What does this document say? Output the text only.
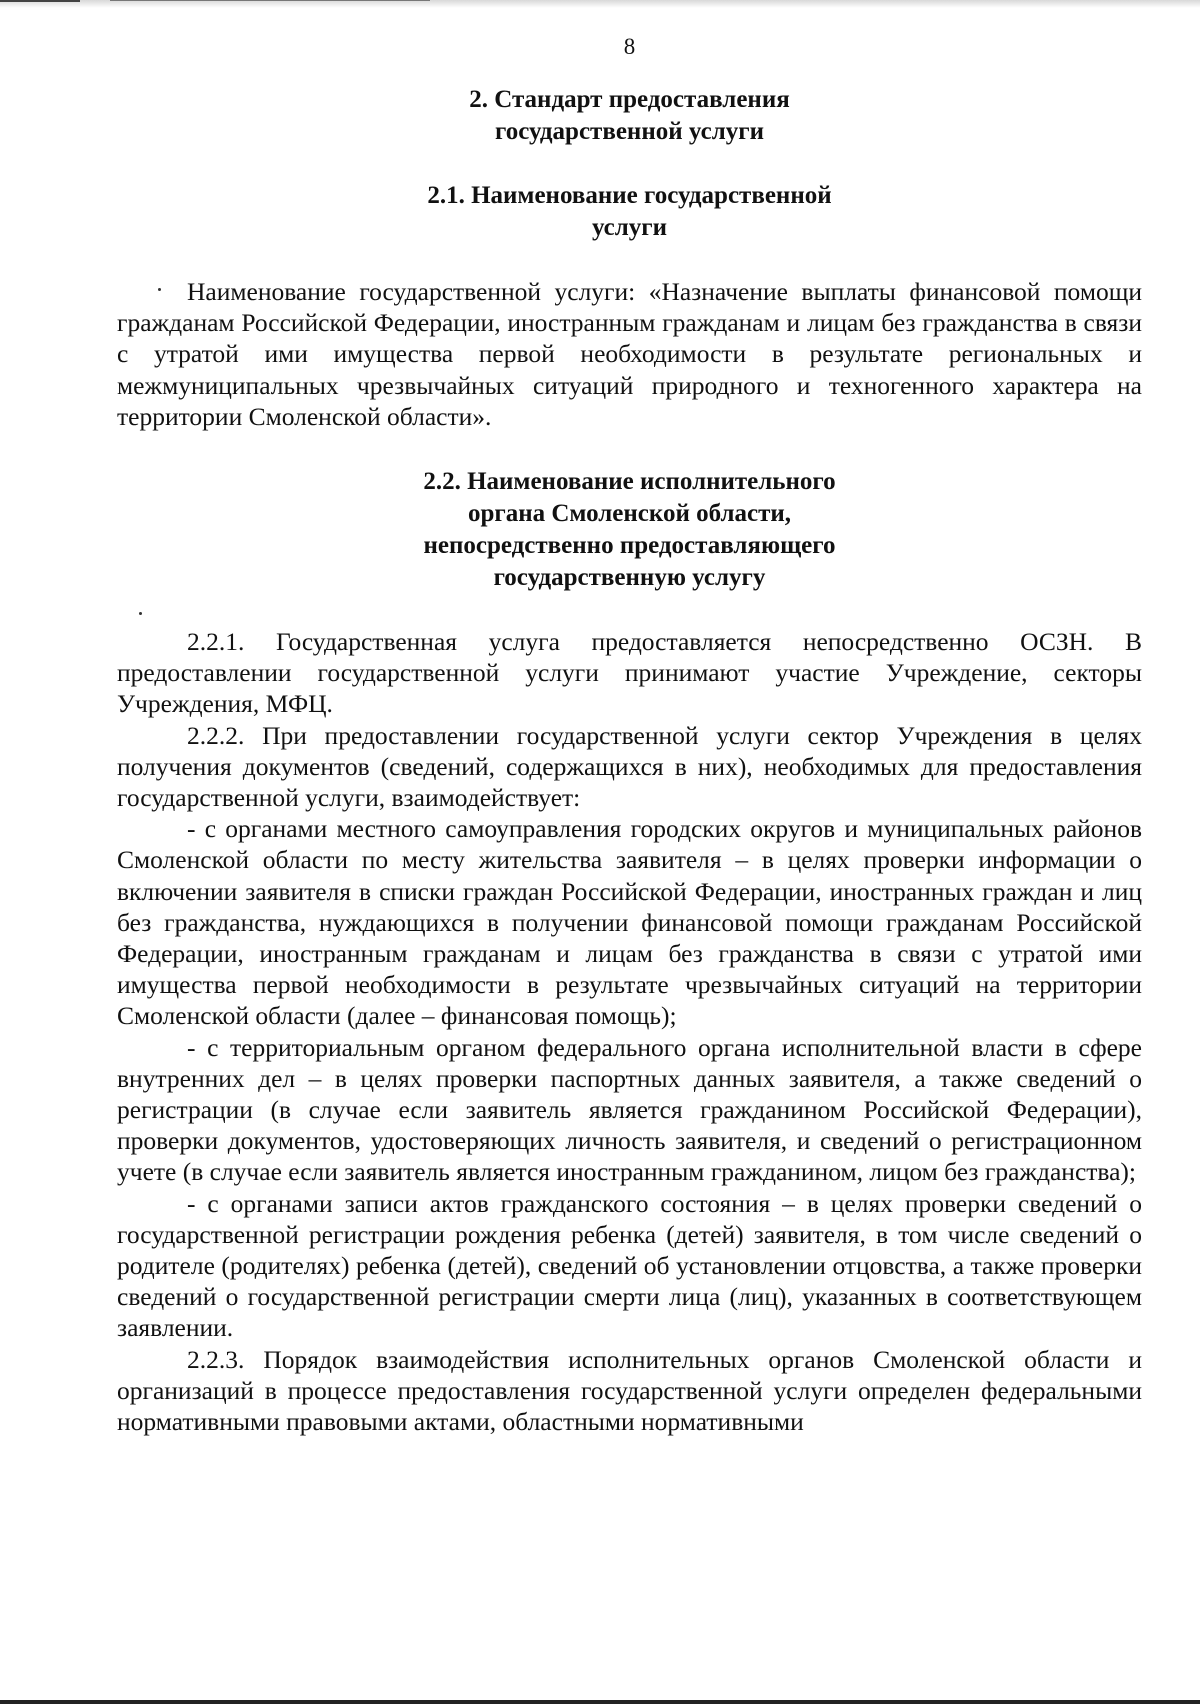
8

2. Стандарт предоставления
государственной услуги
2.1. Наименование государственной
услуги

Наименование государственной услуги: «Назначение выплаты финансовой помощи гражданам Российской Федерации, иностранным гражданам и лицам без гражданства в связи с утратой ими имущества первой необходимости в результате региональных и межмуниципальных чрезвычайных ситуаций природного и техногенного характера на территории Смоленской области».

2.2. Наименование исполнительного
органа Смоленской области,
непосредственно предоставляющего
государственную услугу

2.2.1. Государственная услуга предоставляется непосредственно ОСЗН. В предоставлении государственной услуги принимают участие Учреждение, секторы Учреждения, МФЦ.

2.2.2. При предоставлении государственной услуги сектор Учреждения в целях получения документов (сведений, содержащихся в них), необходимых для предоставления государственной услуги, взаимодействует:

- с органами местного самоуправления городских округов и муниципальных районов Смоленской области по месту жительства заявителя – в целях проверки информации о включении заявителя в списки граждан Российской Федерации, иностранных граждан и лиц без гражданства, нуждающихся в получении финансовой помощи гражданам Российской Федерации, иностранным гражданам и лицам без гражданства в связи с утратой ими имущества первой необходимости в результате чрезвычайных ситуаций на территории Смоленской области (далее – финансовая помощь);

- с территориальным органом федерального органа исполнительной власти в сфере внутренних дел – в целях проверки паспортных данных заявителя, а также сведений о регистрации (в случае если заявитель является гражданином Российской Федерации), проверки документов, удостоверяющих личность заявителя, и сведений о регистрационном учете (в случае если заявитель является иностранным гражданином, лицом без гражданства);

- с органами записи актов гражданского состояния – в целях проверки сведений о государственной регистрации рождения ребенка (детей) заявителя, в том числе сведений о родителе (родителях) ребенка (детей), сведений об установлении отцовства, а также проверки сведений о государственной регистрации смерти лица (лиц), указанных в соответствующем заявлении.

2.2.3. Порядок взаимодействия исполнительных органов Смоленской области и организаций в процессе предоставления государственной услуги определен федеральными нормативными правовыми актами, областными нормативными
